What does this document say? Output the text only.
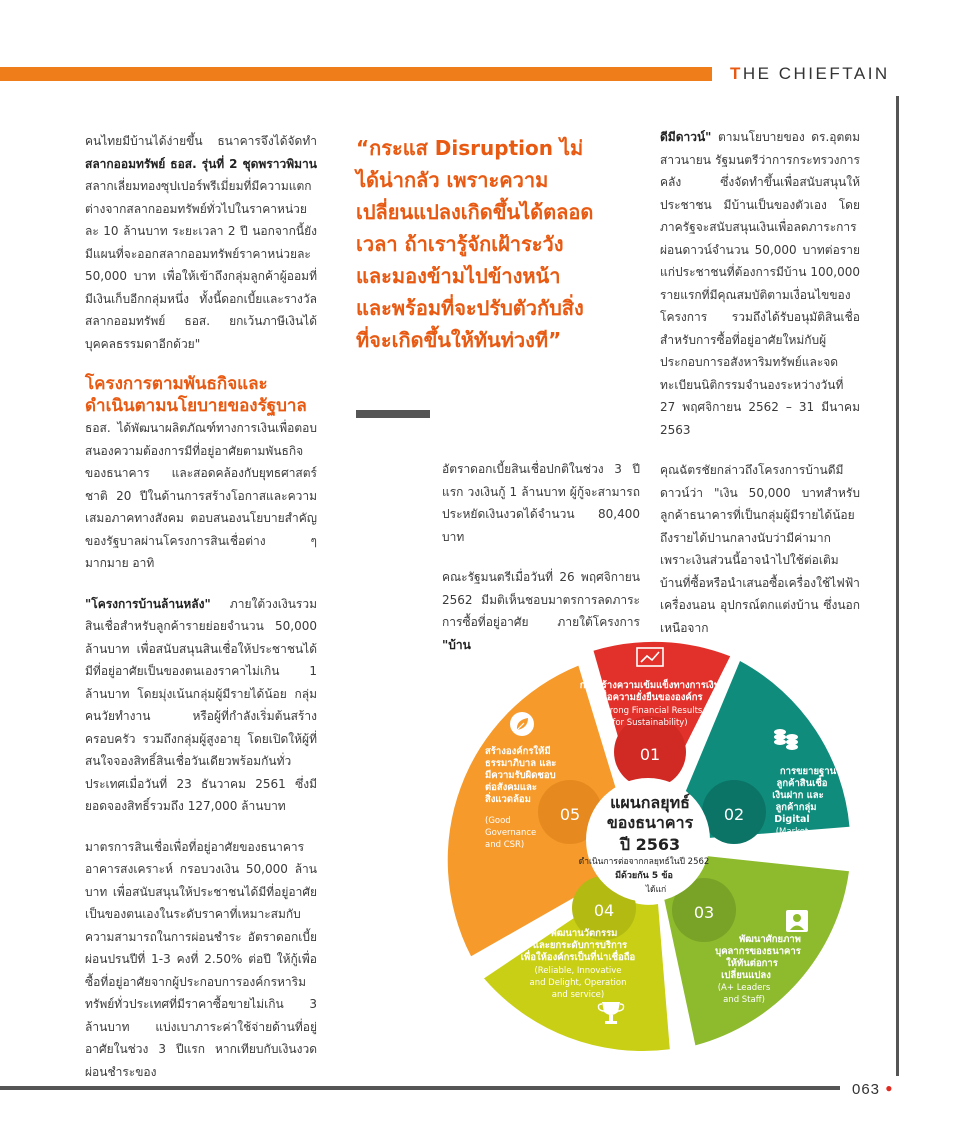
THE CHIEFTAIN

คนไทยมีบ้านได้ง่ายขึ้น ธนาคารจึงได้จัดทำ สลากออมทรัพย์ ธอส. รุ่นที่ 2 ชุดพราวพิมาน สลากเลี่ยมทองซุปเปอร์พรีเมี่ยมที่มีความแตกต่างจากสลากออมทรัพย์ทั่วไปในราคาหน่วยละ 10 ล้านบาท ระยะเวลา 2 ปี นอกจากนี้ยังมีแผนที่จะออกสลากออมทรัพย์ราคาหน่วยละ 50,000 บาท เพื่อให้เข้าถึงกลุ่มลูกค้าผู้ออมที่มีเงินเก็บอีกกลุ่มหนึ่ง ทั้งนี้ดอกเบี้ยและรางวัลสลากออมทรัพย์ ธอส. ยกเว้นภาษีเงินได้บุคคลธรรมดาอีกด้วย"

โครงการตามพันธกิจและดำเนินตามนโยบายของรัฐบาล

ธอส. ได้พัฒนาผลิตภัณฑ์ทางการเงินเพื่อตอบสนองความต้องการมีที่อยู่อาศัยตามพันธกิจของธนาคาร และสอดคล้องกับยุทธศาสตร์ชาติ 20 ปีในด้านการสร้างโอกาสและความเสมอภาคทางสังคม ตอบสนองนโยบายสำคัญของรัฐบาลผ่านโครงการสินเชื่อต่าง ๆ มากมาย อาทิ

"โครงการบ้านล้านหลัง" ภายใต้วงเงินรวมสินเชื่อสำหรับลูกค้ารายย่อยจำนวน 50,000 ล้านบาท เพื่อสนับสนุนสินเชื่อให้ประชาชนได้มีที่อยู่อาศัยเป็นของตนเองราคาไม่เกิน 1 ล้านบาท โดยมุ่งเน้นกลุ่มผู้มีรายได้น้อย กลุ่มคนวัยทำงาน หรือผู้ที่กำลังเริ่มต้นสร้างครอบครัว รวมถึงกลุ่มผู้สูงอายุ โดยเปิดให้ผู้ที่สนใจจองสิทธิ์สินเชื่อวันเดียวพร้อมกันทั่วประเทศเมื่อวันที่ 23 ธันวาคม 2561 ซึ่งมียอดจองสิทธิ์รวมถึง 127,000 ล้านบาท

มาตรการสินเชื่อเพื่อที่อยู่อาศัยของธนาคารอาคารสงเคราะห์ กรอบวงเงิน 50,000 ล้านบาท เพื่อสนับสนุนให้ประชาชนได้มีที่อยู่อาศัยเป็นของตนเองในระดับราคาที่เหมาะสมกับความสามารถในการผ่อนชำระ อัตราดอกเบี้ย ผ่อนปรนปีที่ 1-3 คงที่ 2.50% ต่อปี ให้กู้เพื่อซื้อที่อยู่อาศัยจากผู้ประกอบการองค์กรหาริมทรัพย์ทั่วประเทศที่มีราคาซื้อขายไม่เกิน 3 ล้านบาท แบ่งเบาภาระค่าใช้จ่ายด้านที่อยู่อาศัยในช่วง 3 ปีแรก หากเทียบกับเงินงวดผ่อนชำระของ

“กระแส Disruption ไม่ได้น่ากลัว เพราะความเปลี่ยนแปลงเกิดขึ้นได้ตลอดเวลา ถ้าเรารู้จักเฝ้าระวังและมองข้ามไปข้างหน้า และพร้อมที่จะปรับตัวกับสิ่งที่จะเกิดขึ้นให้ทันท่วงที”

อัตราดอกเบี้ยสินเชื่อปกติในช่วง 3 ปีแรก วงเงินกู้ 1 ล้านบาท ผู้กู้จะสามารถประหยัดเงินงวดได้จำนวน 80,400 บาท

คณะรัฐมนตรีเมื่อวันที่ 26 พฤศจิกายน 2562 มีมติเห็นชอบมาตรการลดภาระการซื้อที่อยู่อาศัย ภายใต้โครงการ "บ้าน

ดีมีดาวน์" ตามนโยบายของ ดร.อุตตม สาวนายน รัฐมนตรีว่าการกระทรวงการคลัง ซึ่งจัดทำขึ้นเพื่อสนับสนุนให้ประชาชน มีบ้านเป็นของตัวเอง โดยภาครัฐจะสนับสนุนเงินเพื่อลดภาระการผ่อนดาวน์จำนวน 50,000 บาทต่อราย แก่ประชาชนที่ต้องการมีบ้าน 100,000 รายแรกที่มีคุณสมบัติตามเงื่อนไขของโครงการ รวมถึงได้รับอนุมัติสินเชื่อสำหรับการซื้อที่อยู่อาศัยใหม่กับผู้ประกอบการอสังหาริมทรัพย์และจดทะเบียนนิติกรรมจำนองระหว่างวันที่ 27 พฤศจิกายน 2562 – 31 มีนาคม 2563

คุณฉัตรชัยกล่าวถึงโครงการบ้านดีมีดาวน์ว่า "เงิน 50,000 บาทสำหรับลูกค้าธนาคารที่เป็นกลุ่มผู้มีรายได้น้อยถึงรายได้ปานกลางนับว่ามีค่ามาก เพราะเงินส่วนนี้อาจนำไปใช้ต่อเติมบ้านที่ซื้อหรือนำเสนอซื้อเครื่องใช้ไฟฟ้า เครื่องนอน อุปกรณ์ตกแต่งบ้าน ซึ่งนอกเหนือจาก

แผนกลยุทธ์
ของธนาคาร
ปี 2563
ดำเนินการต่อจากกลยุทธ์ในปี 2562
มีด้วยกัน 5 ข้อ
ได้แก่
การสร้างความเข้มแข็งทางการเงิน
เพื่อความยั่งยืนขององค์กร
(Strong Financial Results
for Sustainability)
01
การขยายฐาน
ลูกค้าสินเชื่อ
เงินฝาก และ
ลูกค้ากลุ่ม
Digital
(Market
Leader)
02
พัฒนาศักยภาพ
บุคลากรของธนาคาร
ให้ทันต่อการ
เปลี่ยนแปลง
(A+ Leaders
and Staff)
03
พัฒนานวัตกรรม
และยกระดับการบริการ
เพื่อให้องค์กรเป็นที่น่าเชื่อถือ
(Reliable, Innovative
and Delight, Operation
and service)
04
สร้างองค์กรให้มี
ธรรมาภิบาล และ
มีความรับผิดชอบ
ต่อสังคมและ
สิ่งแวดล้อม
(Good
Governance
and CSR)
05
063 ●
